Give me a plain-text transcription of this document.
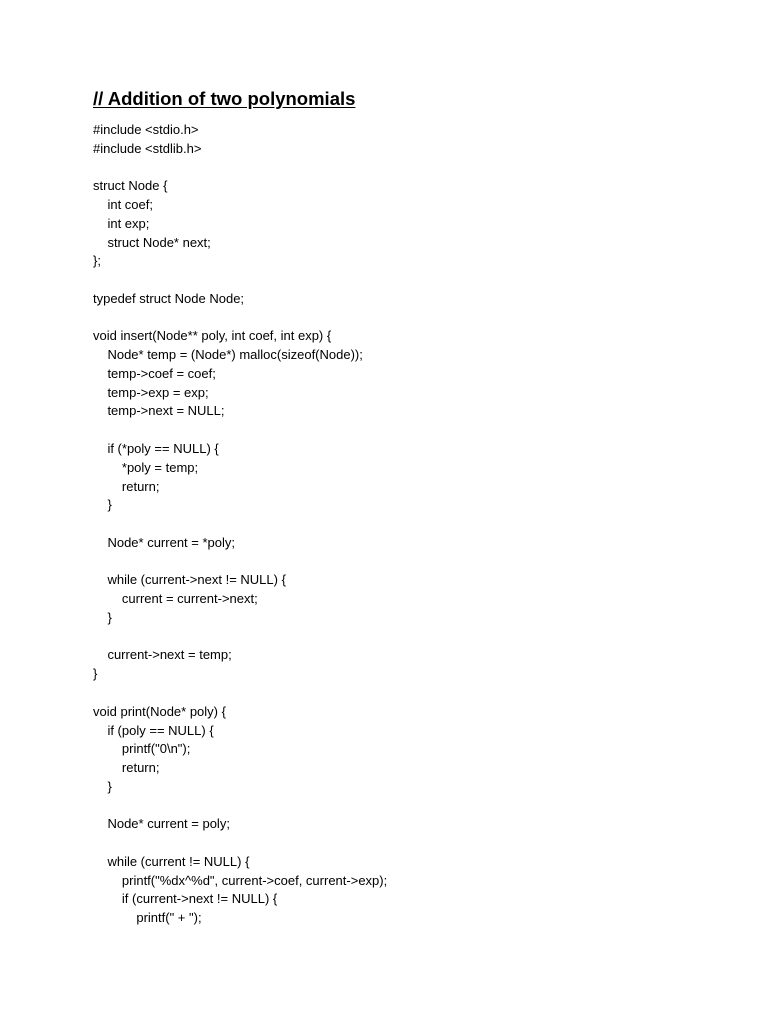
// Addition of two polynomials
#include <stdio.h>
#include <stdlib.h>
struct Node {
int coef;
int exp;
struct Node* next;
};
typedef struct Node Node;
void insert(Node** poly, int coef, int exp) {
Node* temp = (Node*) malloc(sizeof(Node));
temp->coef = coef;
temp->exp = exp;
temp->next = NULL;
if (*poly == NULL) {
*poly = temp;
return;
}
Node* current = *poly;
while (current->next != NULL) {
current = current->next;
}
current->next = temp;
}
void print(Node* poly) {
if (poly == NULL) {
printf("0\n");
return;
}
Node* current = poly;
while (current != NULL) {
printf("%dx^%d", current->coef, current->exp);
if (current->next != NULL) {
printf(" + ");
